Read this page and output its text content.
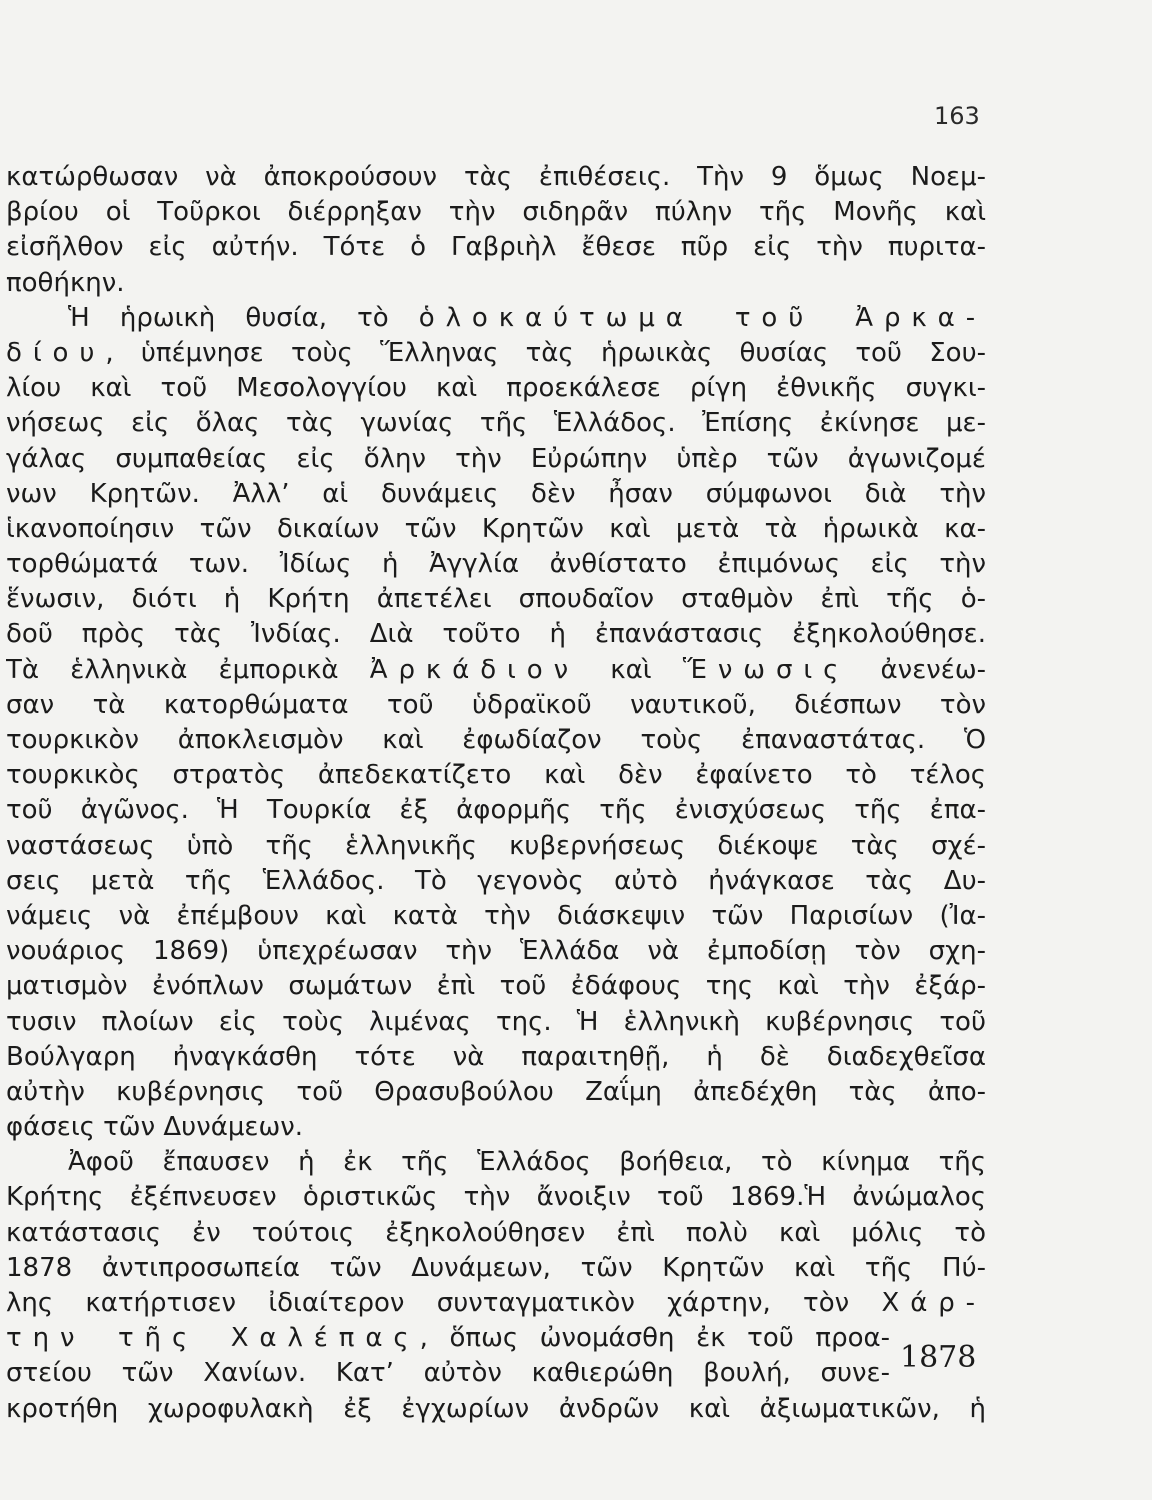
163
κατώρθωσαν νὰ ἀποκρούσουν τὰς ἐπιθέσεις. Τὴν 9 ὅμως Νοεμ-
βρίου οἱ Τοῦρκοι διέρρηξαν τὴν σιδηρᾶν πύλην τῆς Μονῆς καὶ
εἰσῆλθον εἰς αὐτήν. Τότε ὁ Γαβριὴλ ἔθεσε πῦρ εἰς τὴν πυριτα-
ποθήκην.
Ἡ ἡρωικὴ θυσία, τὸ ὁλοκαύτωμα τοῦ Ἀρκα-
δίου, ὑπέμνησε τοὺς Ἕλληνας τὰς ἡρωικὰς θυσίας τοῦ Σου-
λίου καὶ τοῦ Μεσολογγίου καὶ προεκάλεσε ρίγη ἐθνικῆς συγκι-
νήσεως εἰς ὅλας τὰς γωνίας τῆς Ἑλλάδος. Ἐπίσης ἐκίνησε με-
γάλας συμπαθείας εἰς ὅλην τὴν Εὐρώπην ὑπὲρ τῶν ἀγωνιζομέ
νων Κρητῶν. Ἀλλ’ αἱ δυνάμεις δὲν ἦσαν σύμφωνοι διὰ τὴν
ἱκανοποίησιν τῶν δικαίων τῶν Κρητῶν καὶ μετὰ τὰ ἡρωικὰ κα-
τορθώματά των. Ἰδίως ἡ Ἀγγλία ἀνθίστατο ἐπιμόνως εἰς τὴν
ἕνωσιν, διότι ἡ Κρήτη ἀπετέλει σπουδαῖον σταθμὸν ἐπὶ τῆς ὁ-
δοῦ πρὸς τὰς Ἰνδίας. Διὰ τοῦτο ἡ ἐπανάστασις ἐξηκολούθησε.
Τὰ ἑλληνικὰ ἐμπορικὰ Ἀρκάδιον καὶ Ἕνωσις ἀνενέω-
σαν τὰ κατορθώματα τοῦ ὑδραϊκοῦ ναυτικοῦ, διέσπων τὸν
τουρκικὸν ἀποκλεισμὸν καὶ ἐφωδίαζον τοὺς ἐπαναστάτας. Ὁ
τουρκικὸς στρατὸς ἀπεδεκατίζετο καὶ δὲν ἐφαίνετο τὸ τέλος
τοῦ ἀγῶνος. Ἡ Τουρκία ἐξ ἀφορμῆς τῆς ἐνισχύσεως τῆς ἐπα-
ναστάσεως ὑπὸ τῆς ἑλληνικῆς κυβερνήσεως διέκοψε τὰς σχέ-
σεις μετὰ τῆς Ἑλλάδος. Τὸ γεγονὸς αὐτὸ ἠνάγκασε τὰς Δυ-
νάμεις νὰ ἐπέμβουν καὶ κατὰ τὴν διάσκεψιν τῶν Παρισίων (Ἰα-
νουάριος 1869) ὑπεχρέωσαν τὴν Ἑλλάδα νὰ ἐμποδίσῃ τὸν σχη-
ματισμὸν ἐνόπλων σωμάτων ἐπὶ τοῦ ἐδάφους της καὶ τὴν ἐξάρ-
τυσιν πλοίων εἰς τοὺς λιμένας της. Ἡ ἑλληνικὴ κυβέρνησις τοῦ
Βούλγαρη ἠναγκάσθη τότε νὰ παραιτηθῇ, ἡ δὲ διαδεχθεῖσα
αὐτὴν κυβέρνησις τοῦ Θρασυβούλου Ζαΐμη ἀπεδέχθη τὰς ἀπο-
φάσεις τῶν Δυνάμεων.
Ἀφοῦ ἔπαυσεν ἡ ἐκ τῆς Ἑλλάδος βοήθεια, τὸ κίνημα τῆς
Κρήτης ἐξέπνευσεν ὁριστικῶς τὴν ἄνοιξιν τοῦ 1869.Ἡ ἀνώμαλος
κατάστασις ἐν τούτοις ἐξηκολούθησεν ἐπὶ πολὺ καὶ μόλις τὸ
1878 ἀντιπροσωπεία τῶν Δυνάμεων, τῶν Κρητῶν καὶ τῆς Πύ-
λης κατήρτισεν ἰδιαίτερον συνταγματικὸν χάρτην, τὸν Χάρ-
την τῆς Χαλέπας, ὅπως ὠνομάσθη ἐκ τοῦ προα-
στείου τῶν Χανίων. Κατ’ αὐτὸν καθιερώθη βουλή, συνε-
κροτήθη χωροφυλακὴ ἐξ ἐγχωρίων ἀνδρῶν καὶ ἀξιωματικῶν, ἡ
1878
